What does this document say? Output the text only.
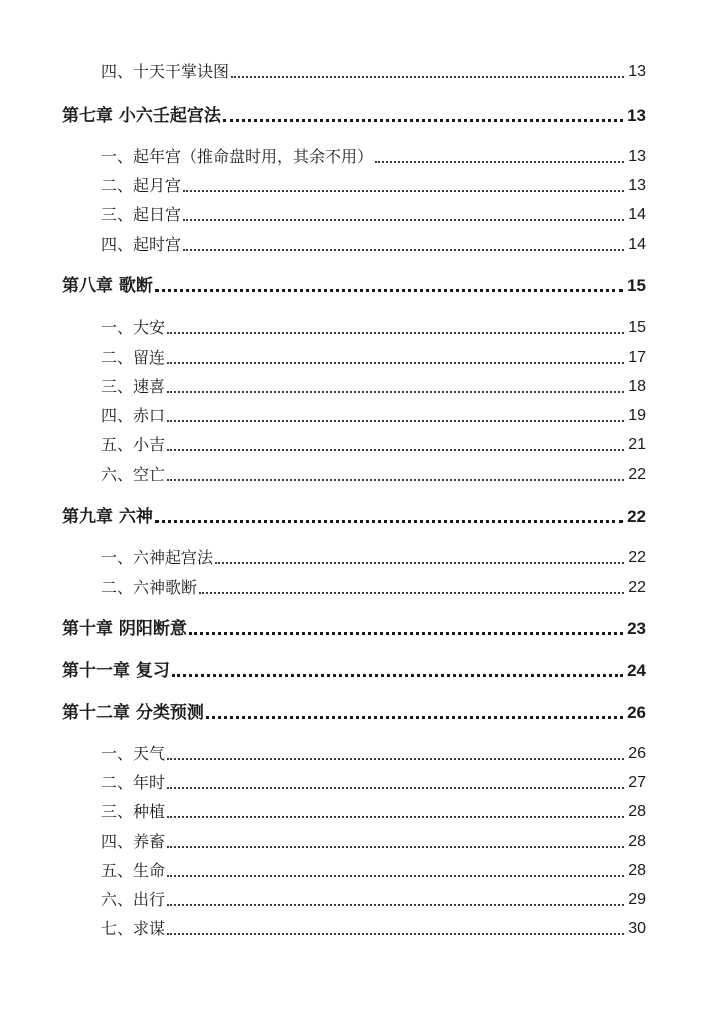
四、十天干掌诀图	13
第七章 小六壬起宫法	13
一、起年宫（推命盘时用，其余不用）	13
二、起月宫	13
三、起日宫	14
四、起时宫	14
第八章 歌断	15
一、大安	15
二、留连	17
三、速喜	18
四、赤口	19
五、小吉	21
六、空亡	22
第九章 六神	22
一、六神起宫法	22
二、六神歌断	22
第十章 阴阳断意	23
第十一章 复习	24
第十二章 分类预测	26
一、天气	26
二、年时	27
三、种植	28
四、养畜	28
五、生命	28
六、出行	29
七、求谋	30
